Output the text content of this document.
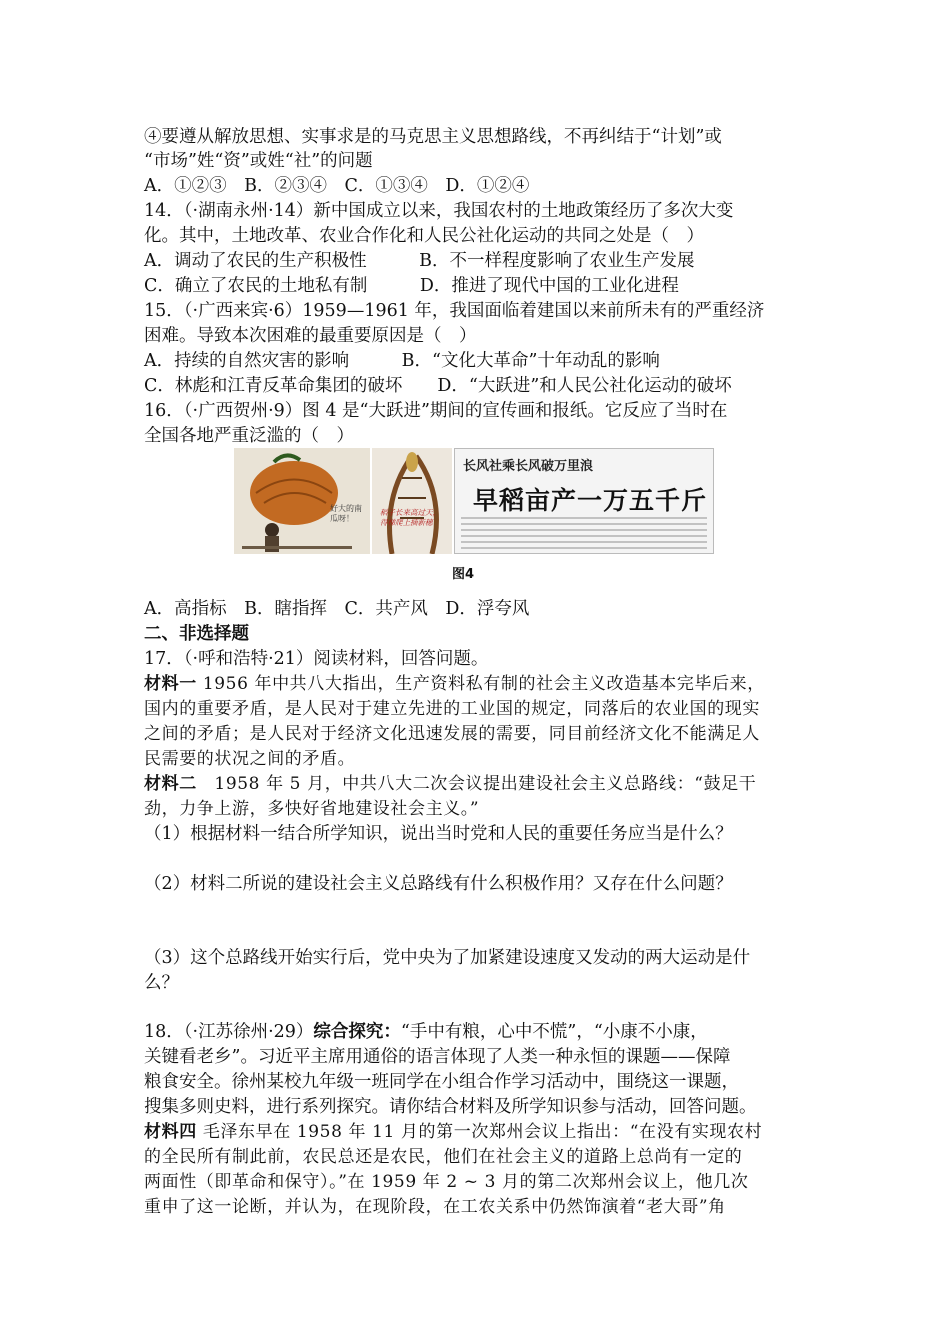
④要遵从解放思想、实事求是的马克思主义思想路线，不再纠结于“计划”或
“市场”姓“资”或姓“社”的问题
A．①②③　B．②③④　C．①③④　D．①②④
14．（·湖南永州·14）新中国成立以来，我国农村的土地政策经历了多次大变
化。其中，土地改革、农业合作化和人民公社化运动的共同之处是（　）
A．调动了农民的生产积极性　　　B．不一样程度影响了农业生产发展
C．确立了农民的土地私有制　　　D．推进了现代中国的工业化进程
15．（·广西来宾·6）1959—1961 年，我国面临着建国以来前所未有的严重经济
困难。导致本次困难的最重要原因是（　）
A．持续的自然灾害的影响　　　B．“文化大革命”十年动乱的影响
C．林彪和江青反革命集团的破坏　　D．“大跃进”和人民公社化运动的破坏
16．（·广西贺州·9）图 4 是“大跃进”期间的宣传画和报纸。它反应了当时在
全国各地严重泛滥的（　）
好大的南瓜呀！
稻子长来高过天，得梯爬上摘新穗
长风社乘长风破万里浪
早稻亩产一万五千斤
图4
A．高指标　B．瞎指挥　C．共产风　D．浮夸风
二、非选择题
17．（·呼和浩特·21）阅读材料，回答问题。
材料一 1956 年中共八大指出，生产资料私有制的社会主义改造基本完毕后来，
国内的重要矛盾，是人民对于建立先进的工业国的规定，同落后的农业国的现实
之间的矛盾；是人民对于经济文化迅速发展的需要，同目前经济文化不能满足人
民需要的状况之间的矛盾。
材料二　1958 年 5 月，中共八大二次会议提出建设社会主义总路线：“鼓足干
劲，力争上游，多快好省地建设社会主义。”
（1）根据材料一结合所学知识，说出当时党和人民的重要任务应当是什么？
（2）材料二所说的建设社会主义总路线有什么积极作用？又存在什么问题？
（3）这个总路线开始实行后，党中央为了加紧建设速度又发动的两大运动是什
么？
18．（·江苏徐州·29）综合探究：“手中有粮，心中不慌”，“小康不小康，
关键看老乡”。习近平主席用通俗的语言体现了人类一种永恒的课题——保障
粮食安全。徐州某校九年级一班同学在小组合作学习活动中，围绕这一课题，
搜集多则史料，进行系列探究。请你结合材料及所学知识参与活动，回答问题。
材料四 毛泽东早在 1958 年 11 月的第一次郑州会议上指出：“在没有实现农村
的全民所有制此前，农民总还是农民，他们在社会主义的道路上总尚有一定的
两面性（即革命和保守）。”在 1959 年 2 ~ 3 月的第二次郑州会议上，他几次
重申了这一论断，并认为，在现阶段，在工农关系中仍然饰演着“老大哥”角
